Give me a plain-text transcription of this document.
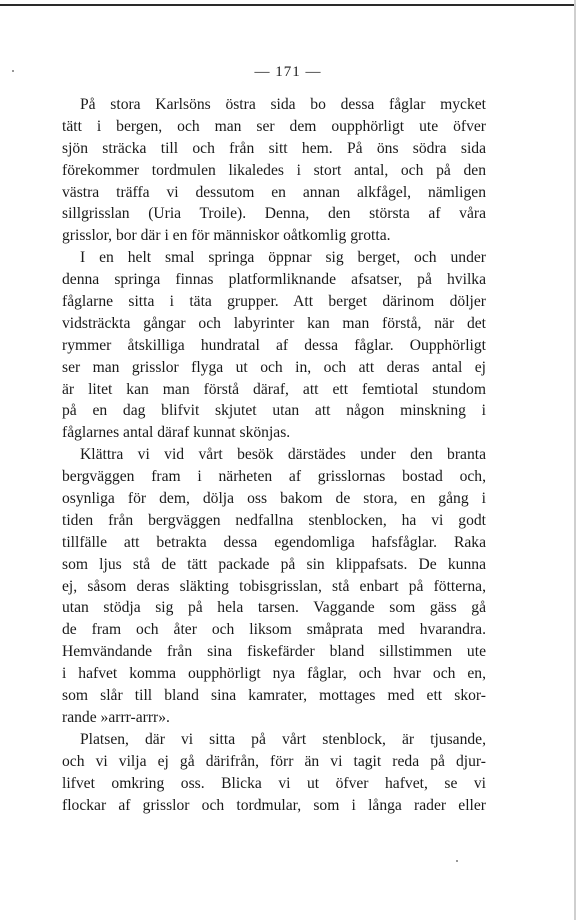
— 171 —
På stora Karlsöns östra sida bo dessa fåglar mycket
tätt i bergen, och man ser dem oupphörligt ute öfver
sjön sträcka till och från sitt hem. På öns södra sida
förekommer tordmulen likaledes i stort antal, och på den
västra träffa vi dessutom en annan alkfågel, nämligen
sillgrisslan (Uria Troile). Denna, den största af våra
grisslor, bor där i en för människor oåtkomlig grotta.
I en helt smal springa öppnar sig berget, och under
denna springa finnas platformliknande afsatser, på hvilka
fåglarne sitta i täta grupper. Att berget därinom döljer
vidsträckta gångar och labyrinter kan man förstå, när det
rymmer åtskilliga hundratal af dessa fåglar. Oupphörligt
ser man grisslor flyga ut och in, och att deras antal ej
är litet kan man förstå däraf, att ett femtiotal stundom
på en dag blifvit skjutet utan att någon minskning i
fåglarnes antal däraf kunnat skönjas.
Klättra vi vid vårt besök därstädes under den branta
bergväggen fram i närheten af grisslornas bostad och,
osynliga för dem, dölja oss bakom de stora, en gång i
tiden från bergväggen nedfallna stenblocken, ha vi godt
tillfälle att betrakta dessa egendomliga hafsfåglar. Raka
som ljus stå de tätt packade på sin klippafsats. De kunna
ej, såsom deras släkting tobisgrisslan, stå enbart på fötterna,
utan stödja sig på hela tarsen. Vaggande som gäss gå
de fram och åter och liksom småprata med hvarandra.
Hemvändande från sina fiskefärder bland sillstimmen ute
i hafvet komma oupphörligt nya fåglar, och hvar och en,
som slår till bland sina kamrater, mottages med ett skor-
rande »arrr-arrr».
Platsen, där vi sitta på vårt stenblock, är tjusande,
och vi vilja ej gå därifrån, förr än vi tagit reda på djur-
lifvet omkring oss. Blicka vi ut öfver hafvet, se vi
flockar af grisslor och tordmular, som i långa rader eller
